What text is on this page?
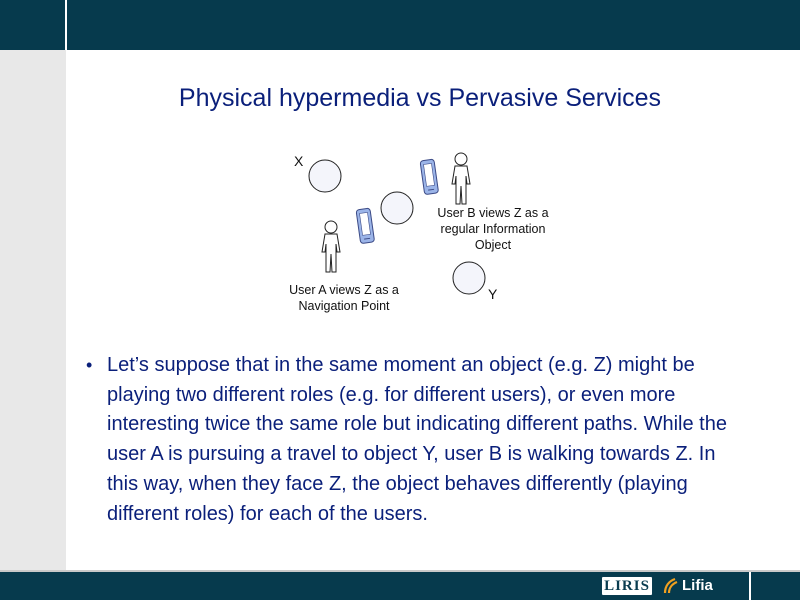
Physical hypermedia vs Pervasive Services
X
Y
User B views Z as a
regular Information
Object
User A views Z as a
Navigation Point
• Let’s suppose that in the same moment an object (e.g. Z) might be playing two different roles (e.g. for different users), or even more interesting twice the same role but indicating different paths. While the user A is pursuing a travel to object Y, user B is walking towards Z. In this way, when they face Z, the object behaves differently (playing different roles) for each of the users.
LIRIS Lifia
